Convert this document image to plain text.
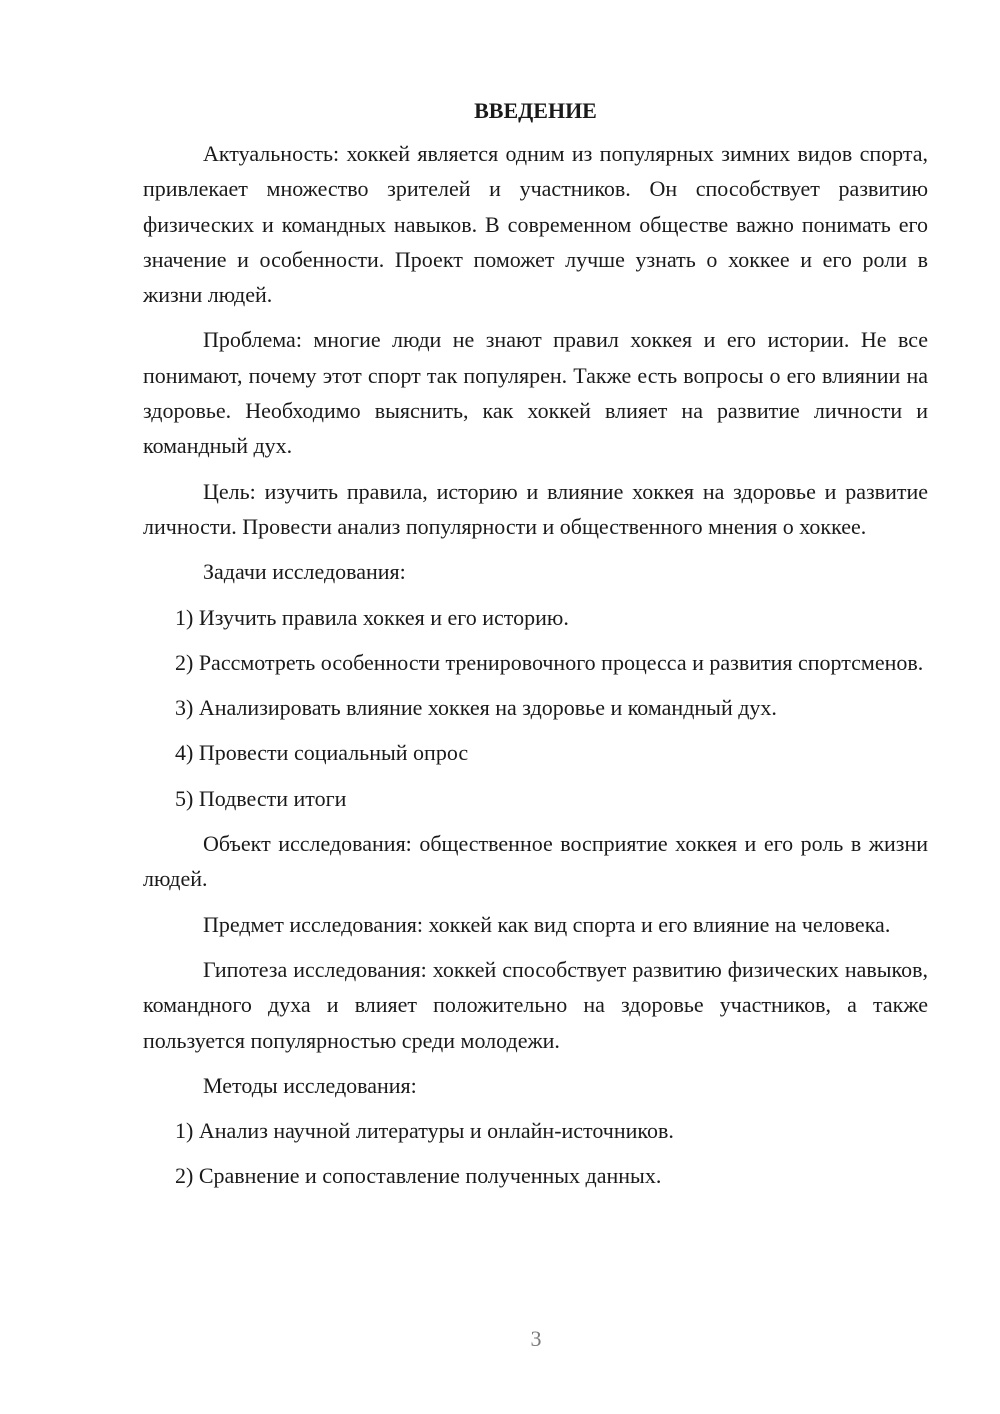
ВВЕДЕНИЕ

Актуальность: хоккей является одним из популярных зимних видов спорта, привлекает множество зрителей и участников. Он способствует развитию физических и командных навыков. В современном обществе важно понимать его значение и особенности. Проект поможет лучше узнать о хоккее и его роли в жизни людей.

Проблема: многие люди не знают правил хоккея и его истории. Не все понимают, почему этот спорт так популярен. Также есть вопросы о его влиянии на здоровье. Необходимо выяснить, как хоккей влияет на развитие личности и командный дух.

Цель: изучить правила, историю и влияние хоккея на здоровье и развитие личности. Провести анализ популярности и общественного мнения о хоккее.

Задачи исследования:

1) Изучить правила хоккея и его историю.

2) Рассмотреть особенности тренировочного процесса и развития спортсменов.

3) Анализировать влияние хоккея на здоровье и командный дух.

4) Провести социальный опрос

5) Подвести итоги

Объект исследования: общественное восприятие хоккея и его роль в жизни людей.

Предмет исследования: хоккей как вид спорта и его влияние на человека.

Гипотеза исследования: хоккей способствует развитию физических навыков, командного духа и влияет положительно на здоровье участников, а также пользуется популярностью среди молодежи.

Методы исследования:

1) Анализ научной литературы и онлайн-источников.

2) Сравнение и сопоставление полученных данных.

3
